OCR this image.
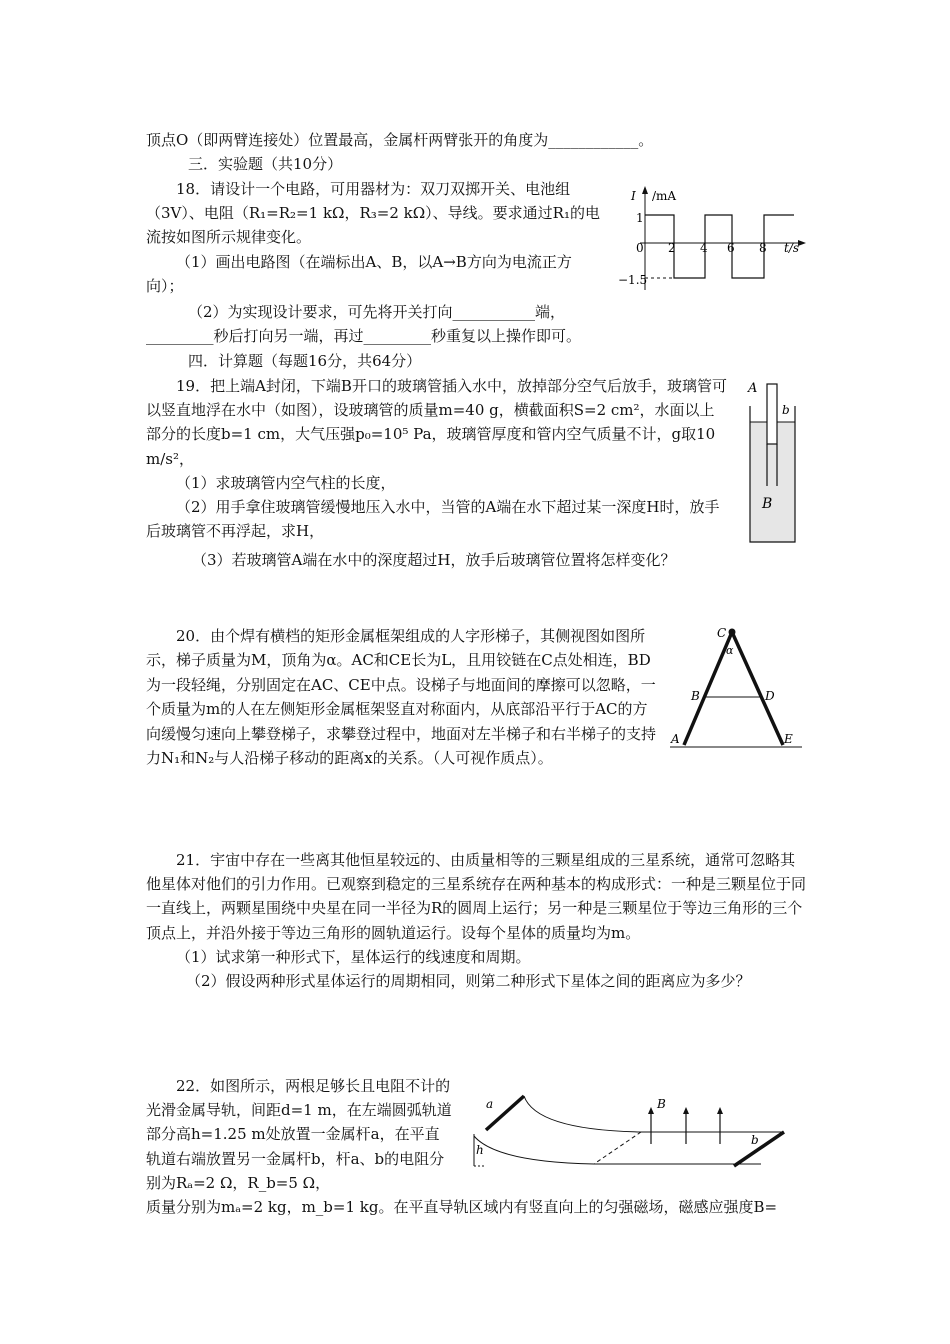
顶点O（即两臂连接处）位置最高，金属杆两臂张开的角度为____________。

三．实验题（共10分）

18．请设计一个电路，可用器材为：双刀双掷开关、电池组（3V）、电阻（R₁=R₂=1 kΩ，R₃=2 kΩ）、导线。要求通过R₁的电流按如图所示规律变化。

（1）画出电路图（在端标出A、B，以A→B方向为电流正方向）；

（2）为实现设计要求，可先将开关打向___________端，_________秒后打向另一端，再过_________秒重复以上操作即可。

I /mA
1
−1.5
0 2 4 6 8 t/s

四．计算题（每题16分，共64分）

19．把上端A封闭，下端B开口的玻璃管插入水中，放掉部分空气后放手，玻璃管可以竖直地浮在水中（如图），设玻璃管的质量m=40 g，横截面积S=2 cm²，水面以上部分的长度b=1 cm，大气压强p₀=10⁵ Pa，玻璃管厚度和管内空气质量不计，g取10 m/s²，

（1）求玻璃管内空气柱的长度，

（2）用手拿住玻璃管缓慢地压入水中，当管的A端在水下超过某一深度H时，放手后玻璃管不再浮起，求H，

（3）若玻璃管A端在水中的深度超过H，放手后玻璃管位置将怎样变化？

A
b
B

20．由个焊有横档的矩形金属框架组成的人字形梯子，其侧视图如图所示，梯子质量为M，顶角为α。AC和CE长为L，且用铰链在C点处相连，BD为一段轻绳，分别固定在AC、CE中点。设梯子与地面间的摩擦可以忽略，一个质量为m的人在左侧矩形金属框架竖直对称面内，从底部沿平行于AC的方向缓慢匀速向上攀登梯子，求攀登过程中，地面对左半梯子和右半梯子的支持力N₁和N₂与人沿梯子移动的距离x的关系。（人可视作质点）。

C
α
B	D
A	E

21．宇宙中存在一些离其他恒星较远的、由质量相等的三颗星组成的三星系统，通常可忽略其他星体对他们的引力作用。已观察到稳定的三星系统存在两种基本的构成形式：一种是三颗星位于同一直线上，两颗星围绕中央星在同一半径为R的圆周上运行；另一种是三颗星位于等边三角形的三个顶点上，并沿外接于等边三角形的圆轨道运行。设每个星体的质量均为m。

（1）试求第一种形式下，星体运行的线速度和周期。

（2）假设两种形式星体运行的周期相同，则第二种形式下星体之间的距离应为多少？

22．如图所示，两根足够长且电阻不计的光滑金属导轨，间距d=1 m，在左端圆弧轨道部分高h=1.25 m处放置一金属杆a，在平直轨道右端放置另一金属杆b，杆a、b的电阻分别为Rₐ=2 Ω，R_b=5 Ω，

质量分别为mₐ=2 kg，m_b=1 kg。在平直导轨区域内有竖直向上的匀强磁场，磁感应强度B=

a
h
B
b
